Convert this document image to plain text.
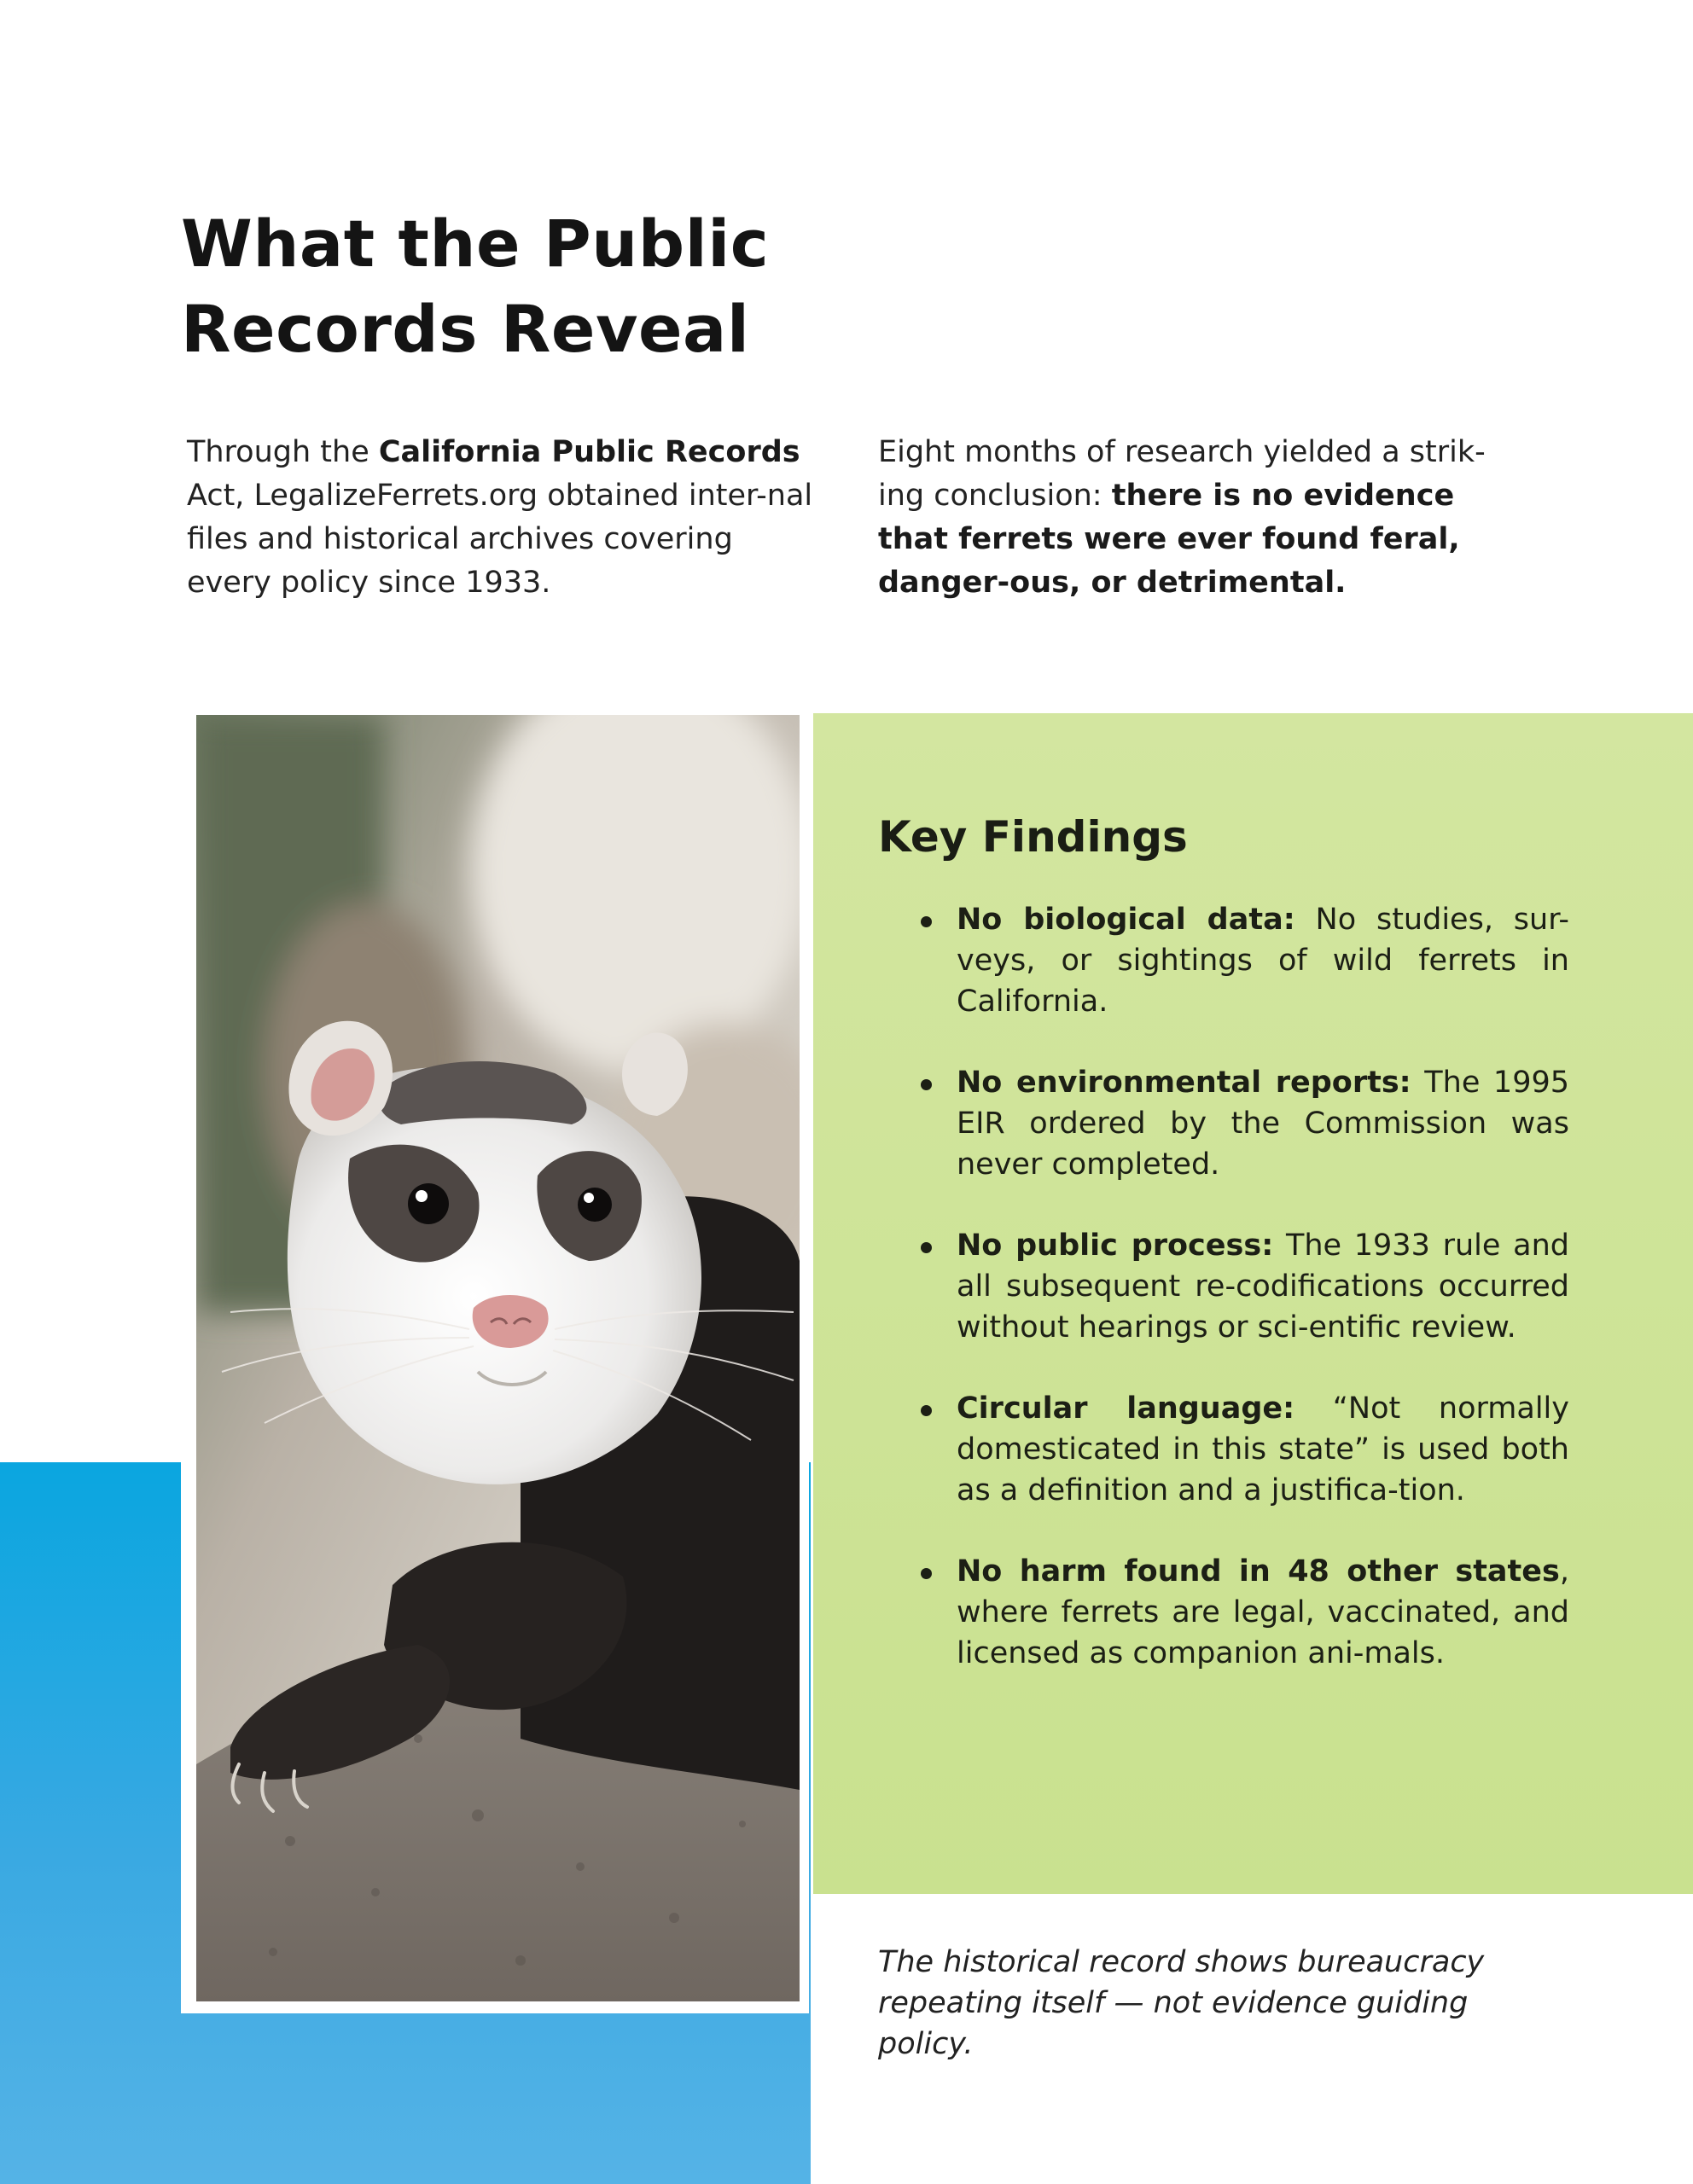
What the Public
Records Reveal

Through the California Public Records Act, LegalizeFerrets.org obtained inter-nal files and historical archives covering every policy since 1933.

Eight months of research yielded a strik-ing conclusion: there is no evidence that ferrets were ever found feral, danger-ous, or detrimental.

Key Findings
No biological data: No studies, sur-veys, or sightings of wild ferrets in California.
No environmental reports: The 1995 EIR ordered by the Commission was never completed.
No public process: The 1933 rule and all subsequent re-codifications occurred without hearings or sci-entific review.
Circular language: “Not normally domesticated in this state” is used both as a definition and a justifica-tion.
No harm found in 48 other states, where ferrets are legal, vaccinated, and licensed as companion ani-mals.

The historical record shows bureaucracy repeating itself — not evidence guiding policy.
